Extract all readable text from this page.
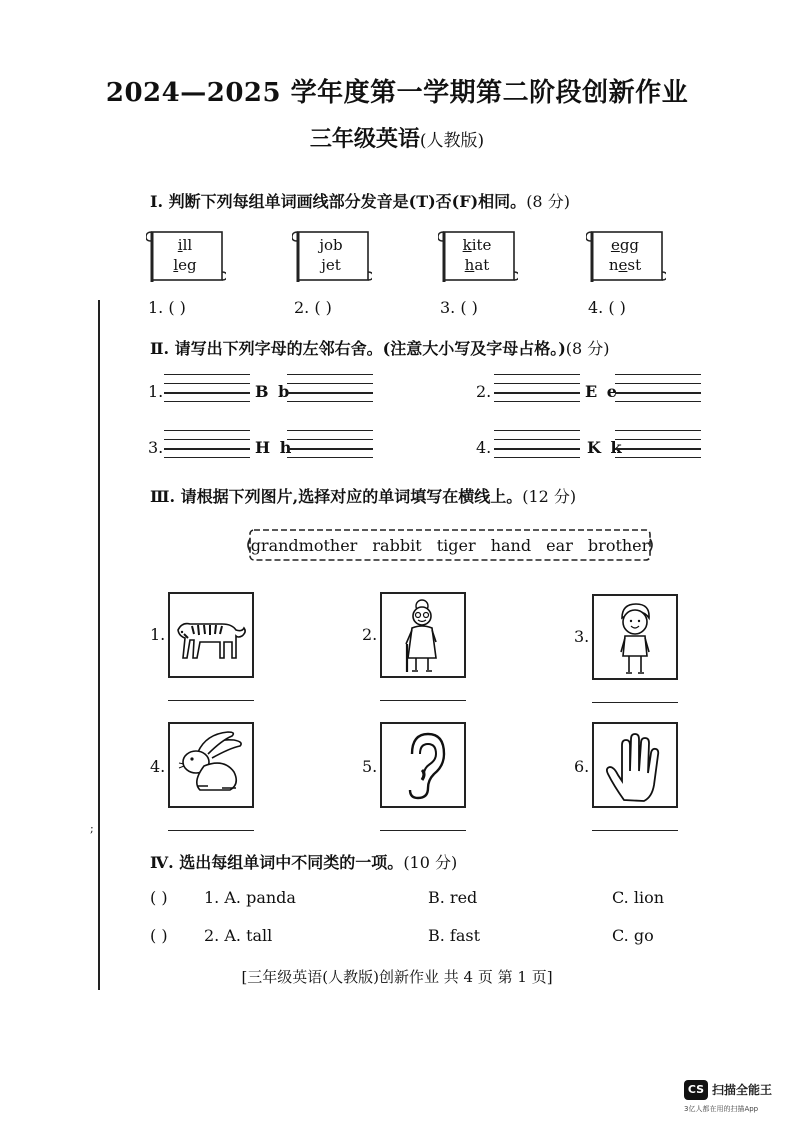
2024—2025 学年度第一学期第二阶段创新作业
三年级英语(人教版)
;
Ⅰ. 判断下列每组单词画线部分发音是(T)否(F)相同。(8 分)
ill
leg
job
jet
kite
hat
egg
nest
1. ( )	2. ( )	3. ( )	4. ( )
Ⅱ. 请写出下列字母的左邻右舍。(注意大小写及字母占格。)(8 分)
1.	B b	2.	E e
3.	H h	4.	K k
Ⅲ. 请根据下列图片,选择对应的单词填写在横线上。(12 分)
grandmother rabbit tiger hand ear brother
1.	2.	3.
4.	5.	6.
Ⅳ. 选出每组单词中不同类的一项。(10 分)
( ) 1. A. panda	B. red	C. lion
( ) 2. A. tall	B. fast	C. go
[三年级英语(人教版)创新作业 共 4 页 第 1 页]
CS 扫描全能王
3亿人都在用的扫描App
